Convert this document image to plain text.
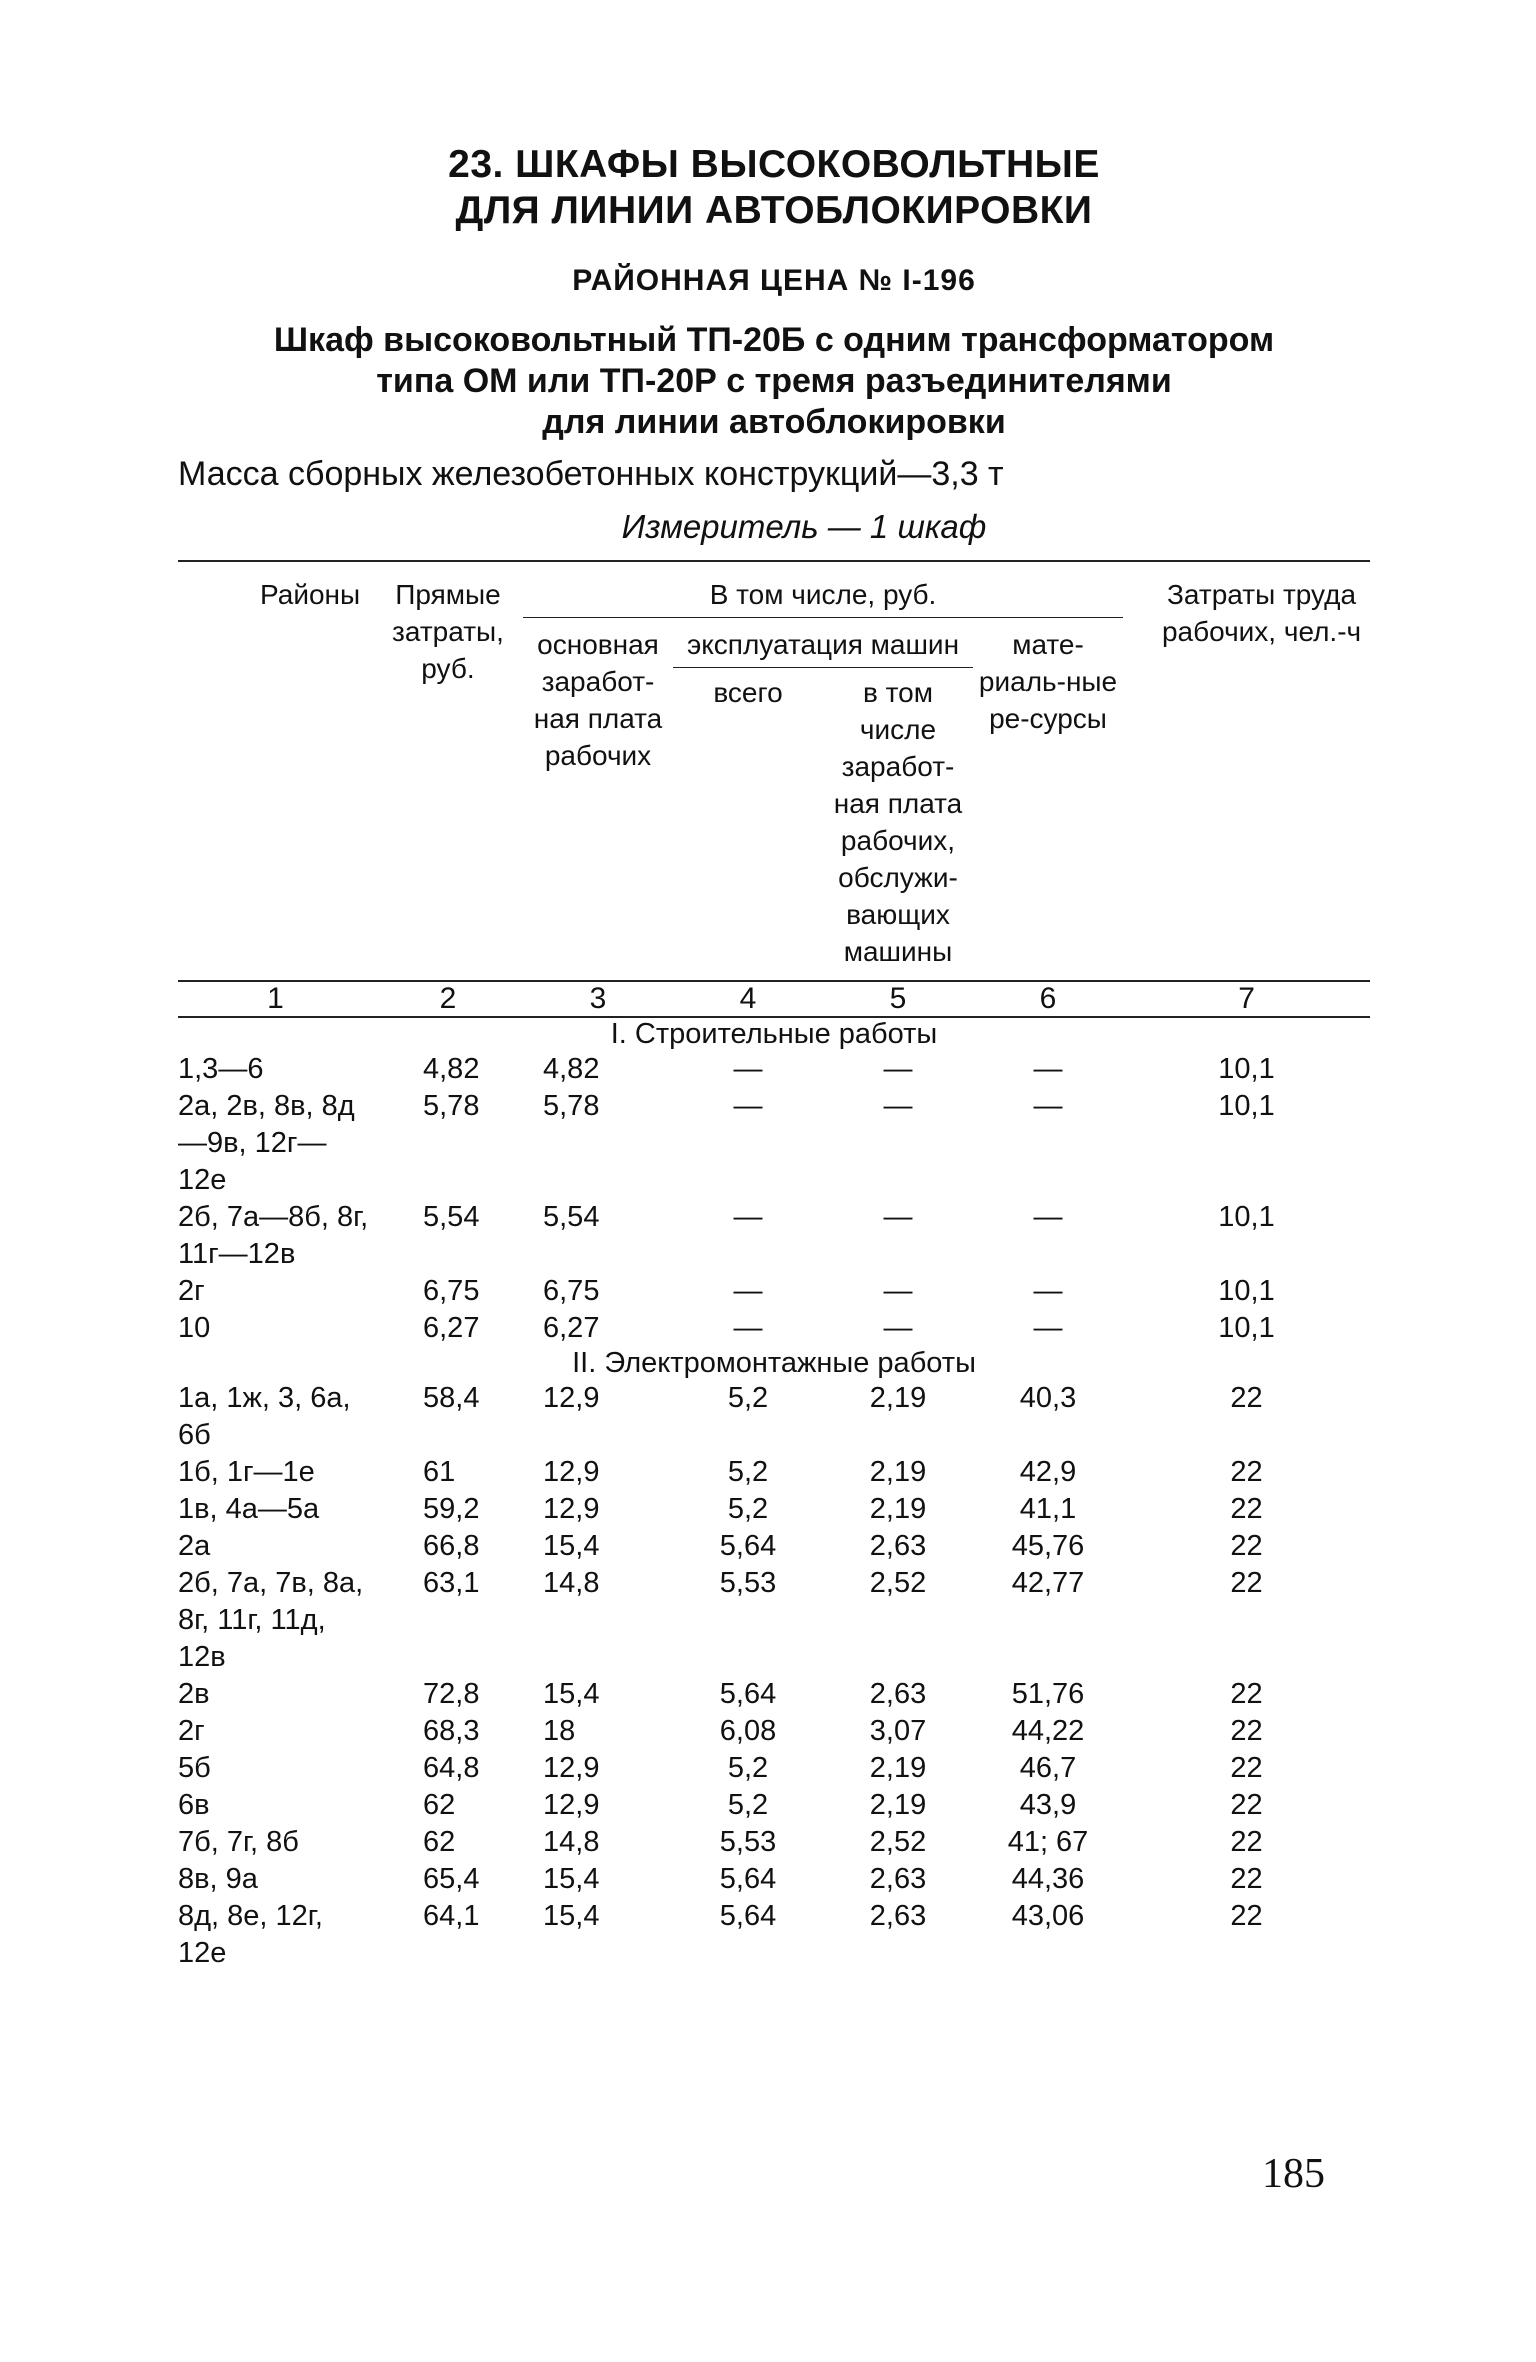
23. ШКАФЫ ВЫСОКОВОЛЬТНЫЕ
ДЛЯ ЛИНИИ АВТОБЛОКИРОВКИ
РАЙОННАЯ ЦЕНА № I-196
Шкаф высоковольтный ТП-20Б с одним трансформатором
типа ОМ или ТП-20Р с тремя разъединителями
для линии автоблокировки
Масса сборных железобетонных конструкций—3,3 т
Измеритель — 1 шкаф
Районы	Прямые затраты, руб.	В том числе, руб.				Затраты труда рабочих, чел.-ч
		основная заработ-ная плата рабочих	эксплуатация машин		мате-риаль-ные ре-сурсы	
			всего	в том числе заработ-ная плата рабочих, обслужи-вающих машины		
1	2	3	4	5	6	7
I. Строительные работы						
1,3—6	4,82	4,82	—	—	—	10,1
2а, 2в, 8в, 8д—9в, 12г—12е	5,78	5,78	—	—	—	10,1
2б, 7а—8б, 8г, 11г—12в	5,54	5,54	—	—	—	10,1
2г	6,75	6,75	—	—	—	10,1
10	6,27	6,27	—	—	—	10,1
II. Электромонтажные работы						
1а, 1ж, 3, 6а, 6б	58,4	12,9	5,2	2,19	40,3	22
1б, 1г—1е	61	12,9	5,2	2,19	42,9	22
1в, 4а—5а	59,2	12,9	5,2	2,19	41,1	22
2а	66,8	15,4	5,64	2,63	45,76	22
2б, 7а, 7в, 8а, 8г, 11г, 11д, 12в	63,1	14,8	5,53	2,52	42,77	22
2в	72,8	15,4	5,64	2,63	51,76	22
2г	68,3	18	6,08	3,07	44,22	22
5б	64,8	12,9	5,2	2,19	46,7	22
6в	62	12,9	5,2	2,19	43,9	22
7б, 7г, 8б	62	14,8	5,53	2,52	41; 67	22
8в, 9а	65,4	15,4	5,64	2,63	44,36	22
8д, 8е, 12г, 12е	64,1	15,4	5,64	2,63	43,06	22
185
